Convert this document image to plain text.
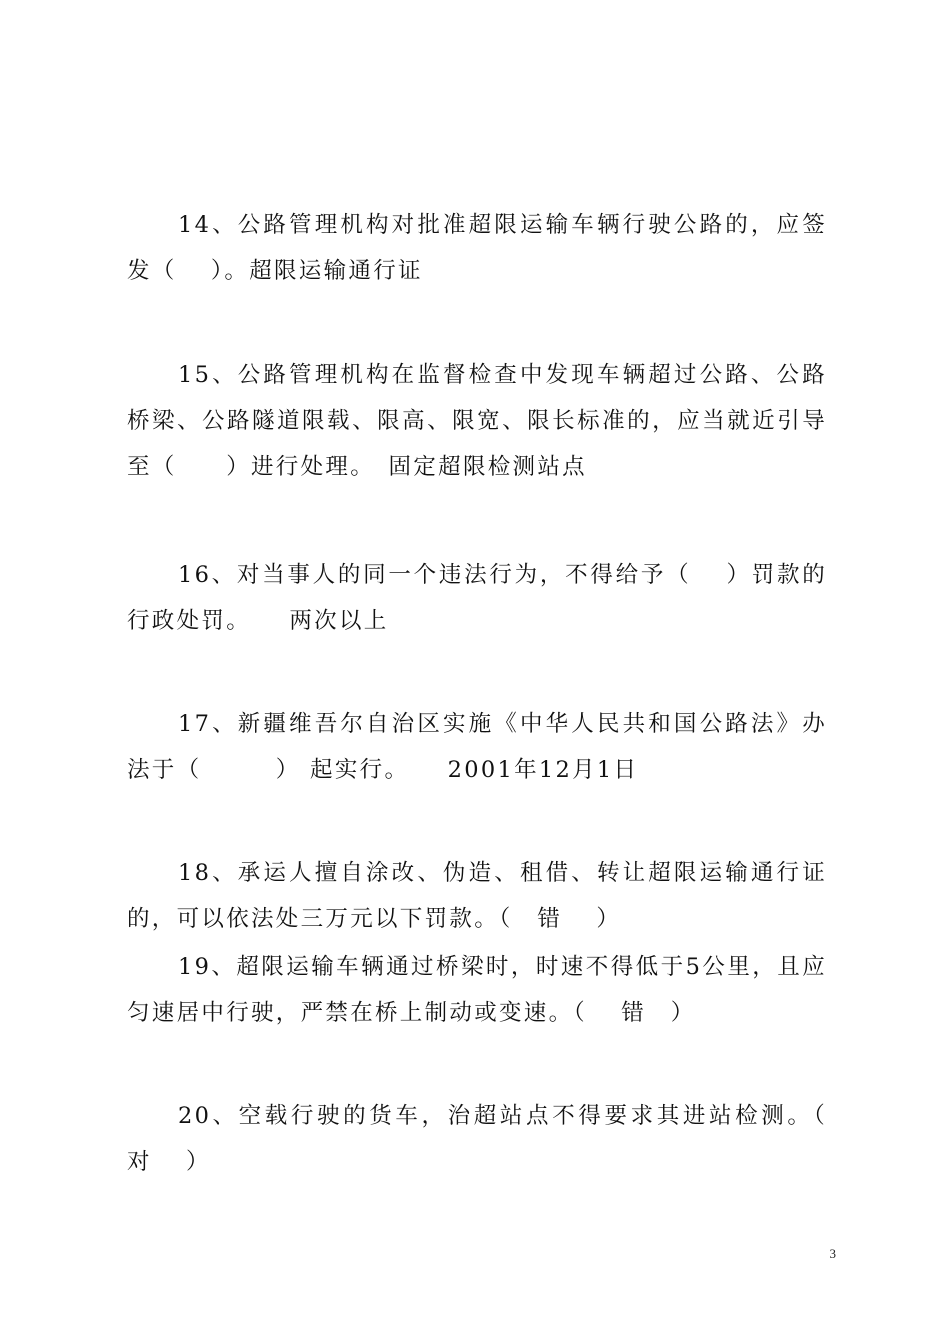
14、公路管理机构对批准超限运输车辆行驶公路的，应签发（　 ）。超限运输通行证

15、公路管理机构在监督检查中发现车辆超过公路、公路桥梁、公路隧道限载、限高、限宽、限长标准的，应当就近引导至（　　）进行处理。　固定超限检测站点

16、对当事人的同一个违法行为，不得给予（　 ）罚款的行政处罚。　　两次以上

17、新疆维吾尔自治区实施《中华人民共和国公路法》办法于（　　　） 起实行。　　2001年12月1日

18、承运人擅自涂改、伪造、租借、转让超限运输通行证的，可以依法处三万元以下罚款。（　错　 ）

19、超限运输车辆通过桥梁时，时速不得低于5公里，且应匀速居中行驶，严禁在桥上制动或变速。（　 错　）

20、空载行驶的货车，治超站点不得要求其进站检测。（　对　 ）

3
